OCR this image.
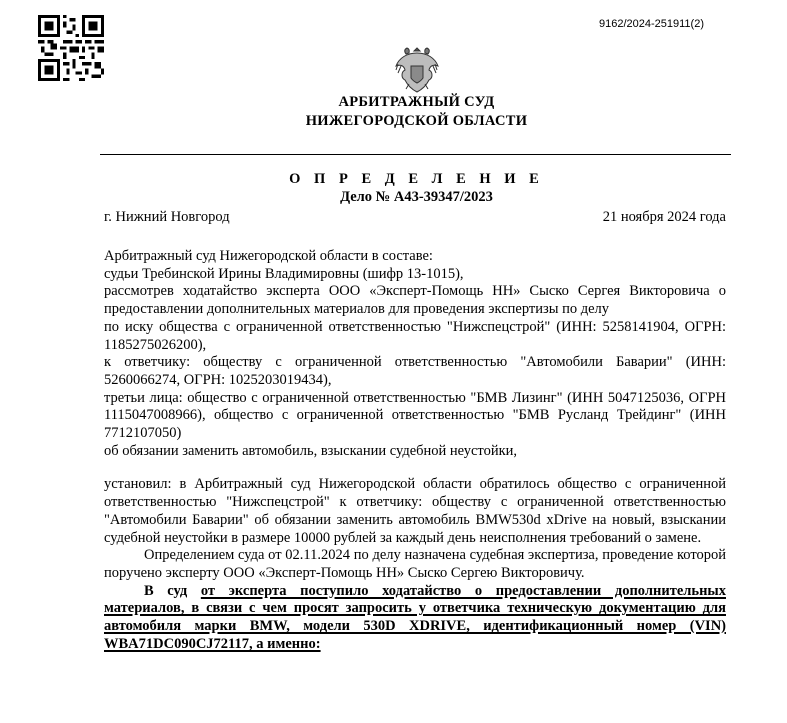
9162/2024-251911(2)
АРБИТРАЖНЫЙ СУД
НИЖЕГОРОДСКОЙ ОБЛАСТИ
О П Р Е Д Е Л Е Н И Е
Дело № А43-39347/2023
г. Нижний Новгород	21 ноября 2024 года

Арбитражный суд Нижегородской области в составе:

судьи Требинской Ирины Владимировны (шифр 13-1015),

рассмотрев ходатайство эксперта ООО «Эксперт-Помощь НН» Сыско Сергея Викторовича о предоставлении дополнительных материалов для проведения экспертизы по делу

по иску общества с ограниченной ответственностью "Нижспецстрой" (ИНН: 5258141904, ОГРН: 1185275026200),

к ответчику: обществу с ограниченной ответственностью "Автомобили Баварии" (ИНН: 5260066274, ОГРН: 1025203019434),

третьи лица: общество с ограниченной ответственностью "БМВ Лизинг" (ИНН 5047125036, ОГРН 1115047008966), общество с ограниченной ответственностью "БМВ Русланд Трейдинг" (ИНН 7712107050)

об обязании заменить автомобиль, взыскании судебной неустойки,

установил: в Арбитражный суд Нижегородской области обратилось общество с ограниченной ответственностью "Нижспецстрой" к ответчику: обществу с ограниченной ответственностью "Автомобили Баварии" об обязании заменить автомобиль BMW530d xDrive на новый, взыскании судебной неустойки в размере 10000 рублей за каждый день неисполнения требований о замене.

Определением суда от 02.11.2024 по делу назначена судебная экспертиза, проведение которой поручено эксперту ООО «Эксперт-Помощь НН» Сыско Сергею Викторовичу.

В суд от эксперта поступило ходатайство о предоставлении дополнительных материалов, в связи с чем просят запросить у ответчика техническую документацию для автомобиля марки BMW, модели 530D XDRIVE, идентификационный номер (VIN) WBA71DC090CJ72117, а именно:
